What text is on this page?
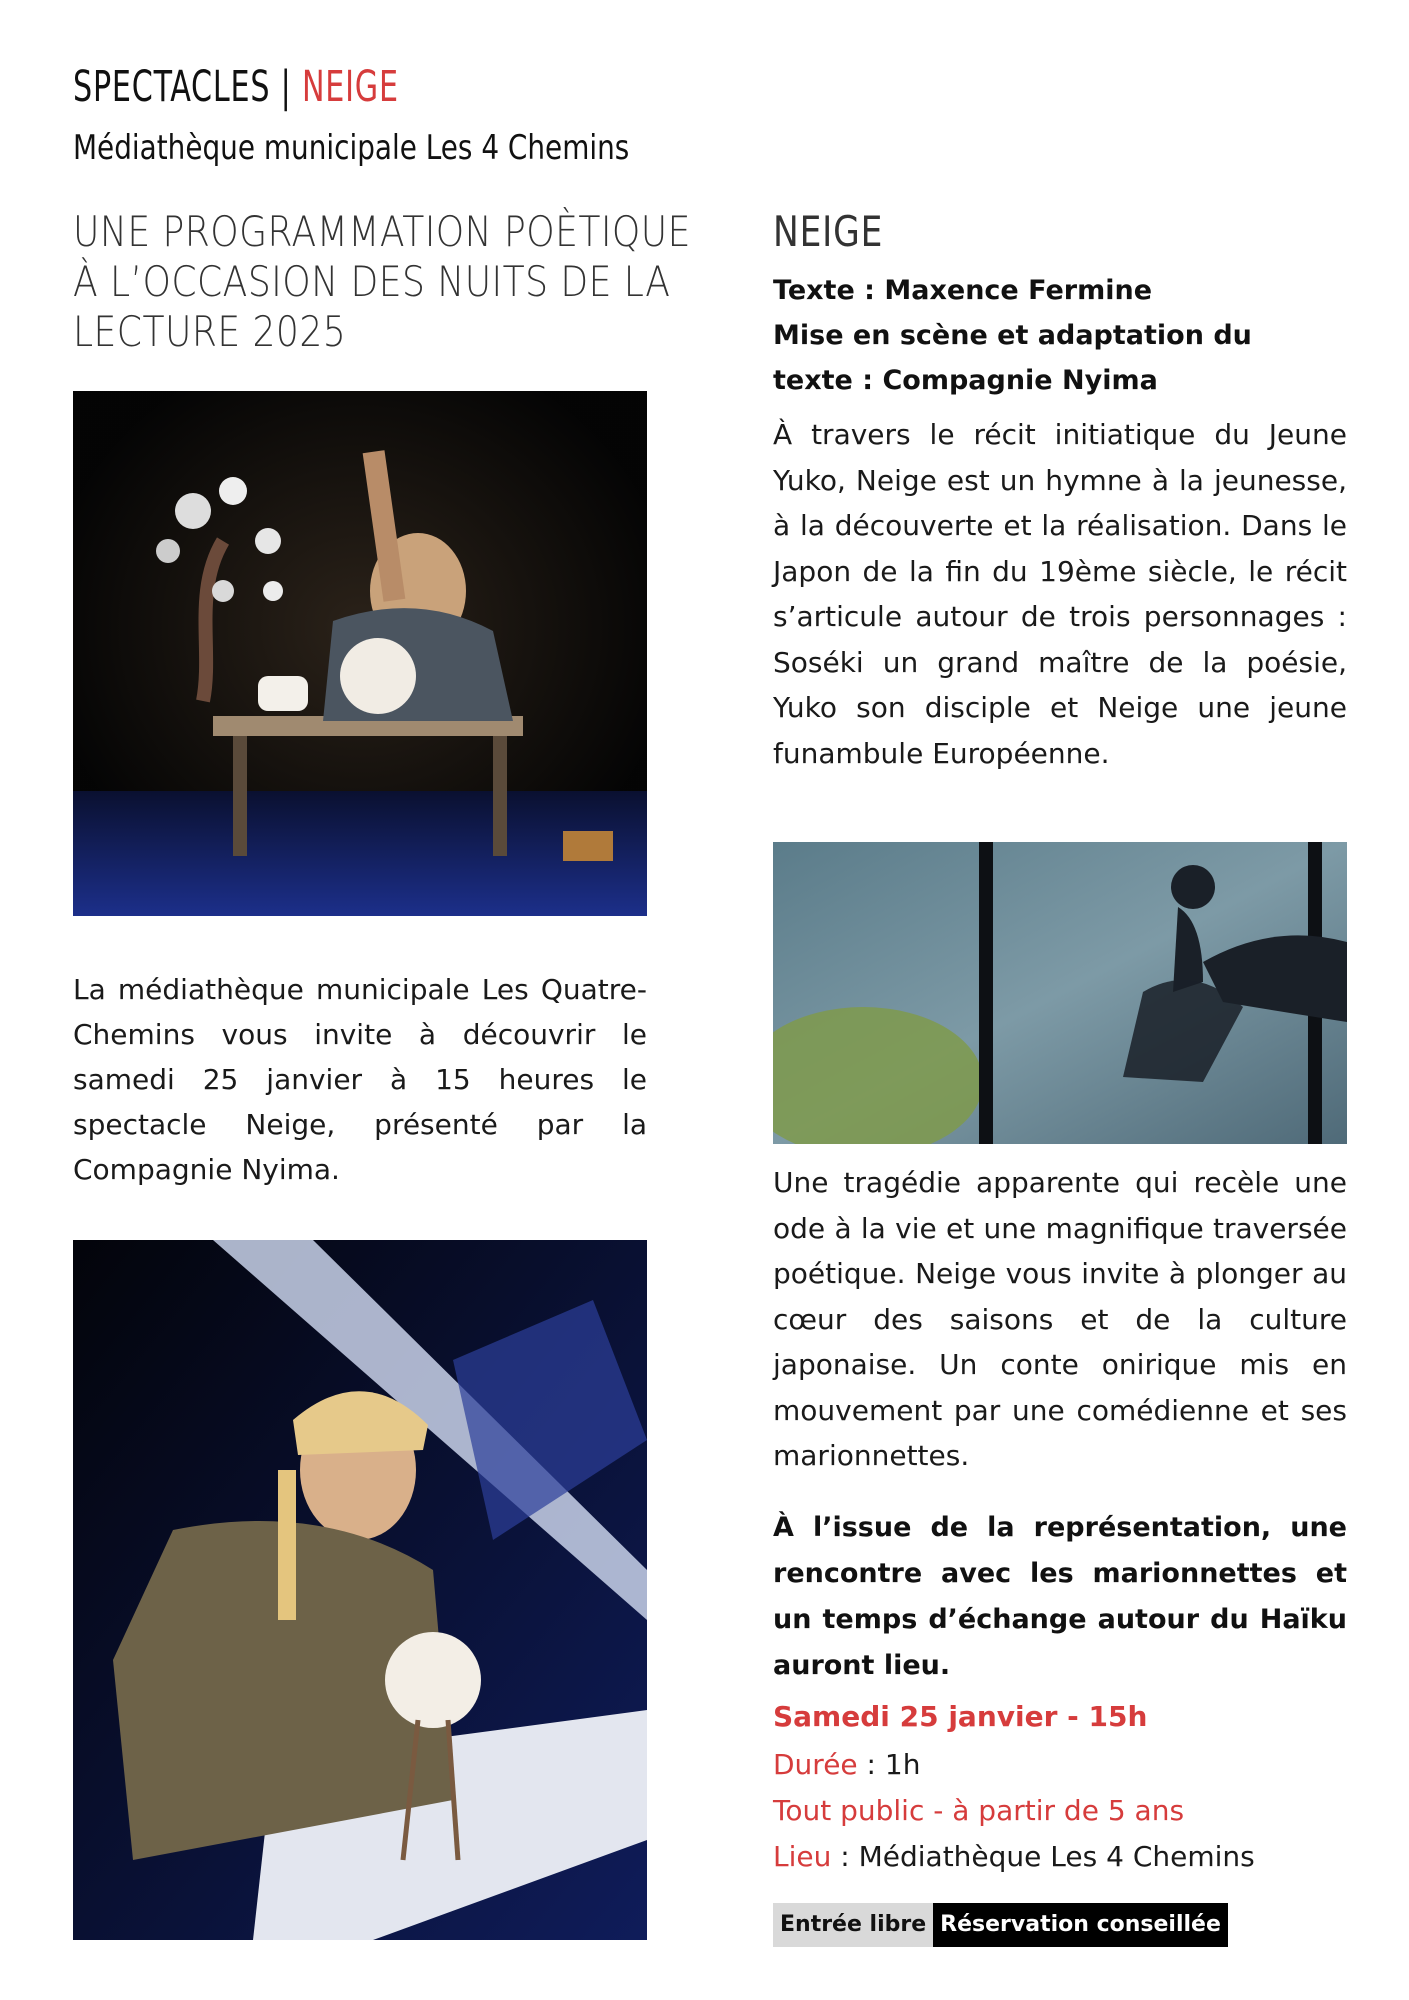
SPECTACLES | NEIGE
Médiathèque municipale Les 4 Chemins
UNE PROGRAMMATION POÈTIQUE
À L’OCCASION DES NUITS DE LA
LECTURE 2025
La médiathèque municipale Les Quatre-Chemins vous invite à découvrir le samedi 25 janvier à 15 heures le spectacle Neige, présenté par la Compagnie Nyima.
NEIGE
Texte : Maxence Fermine
Mise en scène et adaptation du
texte : Compagnie Nyima
À travers le récit initiatique du Jeune Yuko, Neige est un hymne à la jeunesse, à la découverte et la réalisation. Dans le Japon de la fin du 19ème siècle, le récit s’articule autour de trois personnages : Soséki un grand maître de la poésie, Yuko son disciple et Neige une jeune funambule Européenne.
Une tragédie apparente qui recèle une ode à la vie et une magnifique traversée poétique. Neige vous invite à plonger au cœur des saisons et de la culture japonaise. Un conte onirique mis en mouvement par une comédienne et ses marionnettes.
À l’issue de la représentation, une rencontre avec les marionnettes et un temps d’échange autour du Haïku auront lieu.
Samedi 25 janvier - 15h
Durée : 1h
Tout public - à partir de 5 ans
Lieu : Médiathèque Les 4 Chemins
Entrée libre Réservation conseillée
